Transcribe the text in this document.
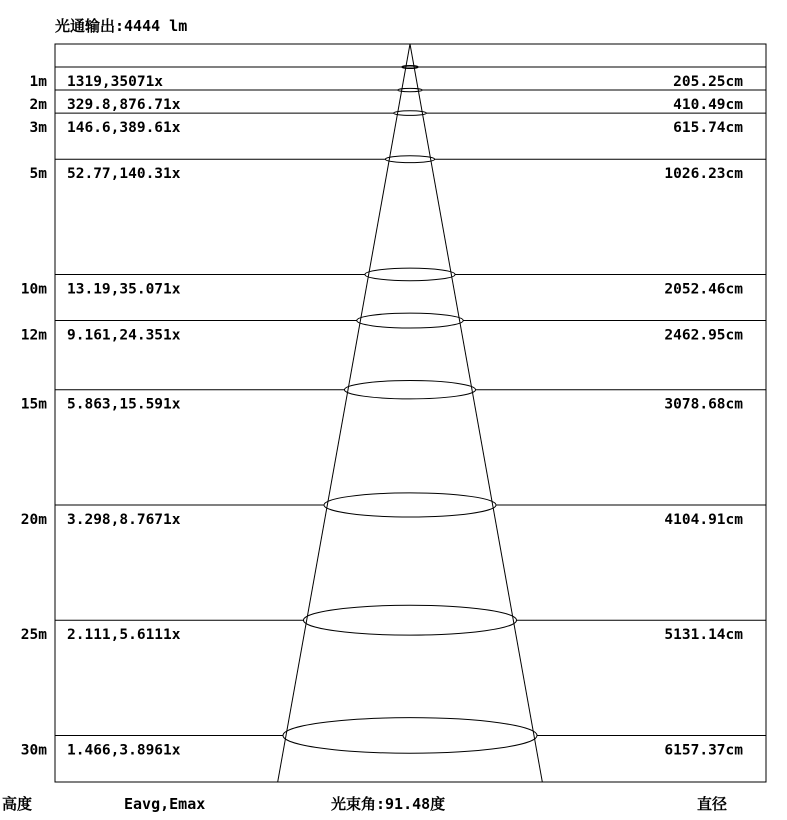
光通输出:4444 lm
1m 1319,35071x	205.25cm
2m 329.8,876.71x	410.49cm
3m 146.6,389.61x	615.74cm
5m 52.77,140.31x	1026.23cm
10m 13.19,35.071x	2052.46cm
12m 9.161,24.351x	2462.95cm
15m 5.863,15.591x	3078.68cm
20m 3.298,8.7671x	4104.91cm
25m 2.111,5.6111x	5131.14cm
30m 1.466,3.8961x	6157.37cm
高度	Eavg,Emax	光束角:91.48度	直径
